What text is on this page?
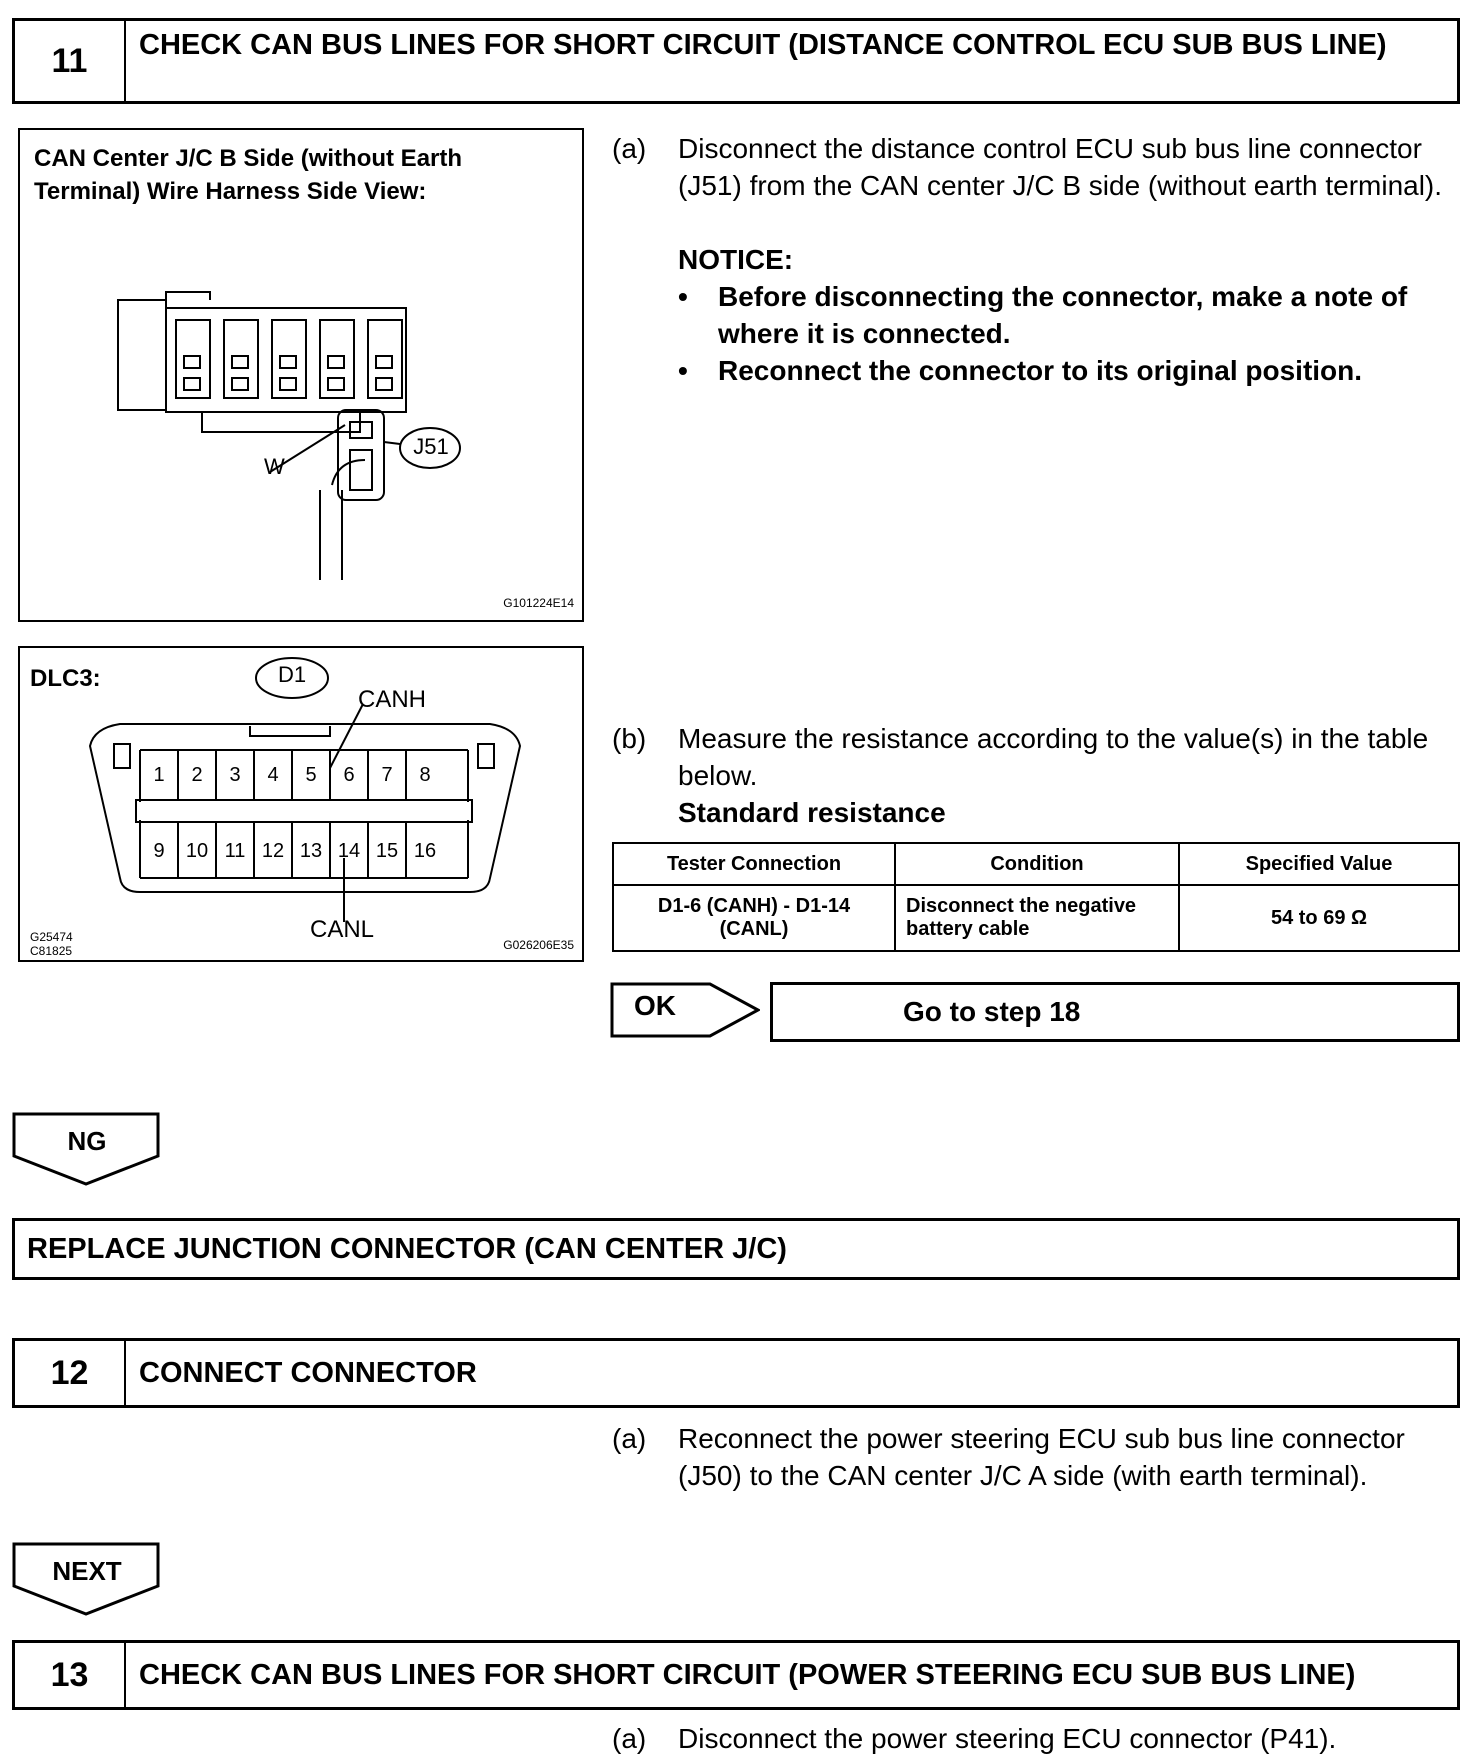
11	CHECK CAN BUS LINES FOR SHORT CIRCUIT (DISTANCE CONTROL ECU SUB BUS LINE)
CAN Center J/C B Side (without Earth Terminal) Wire Harness Side View:
W
J51
G101224E14
(a)	Disconnect the distance control ECU sub bus line connector (J51) from the CAN center J/C B side (without earth terminal).
NOTICE:
• Before disconnecting the connector, make a note of where it is connected.
• Reconnect the connector to its original position.
DLC3:	D1
CANH
CANL
1	2	3	4	5	6	7	8
9	10 11 12 13 14 15 16
G25474
C81825	G026206E35
(b)	Measure the resistance according to the value(s) in the table below.
Standard resistance
Tester Connection	Condition	Specified Value
D1-6 (CANH) - D1-14 (CANL)	Disconnect the negative battery cable	54 to 69 Ω
OK	Go to step 18
NG
REPLACE JUNCTION CONNECTOR (CAN CENTER J/C)
12	CONNECT CONNECTOR
(a)	Reconnect the power steering ECU sub bus line connector (J50) to the CAN center J/C A side (with earth terminal).
NEXT
13	CHECK CAN BUS LINES FOR SHORT CIRCUIT (POWER STEERING ECU SUB BUS LINE)
(a)	Disconnect the power steering ECU connector (P41).
